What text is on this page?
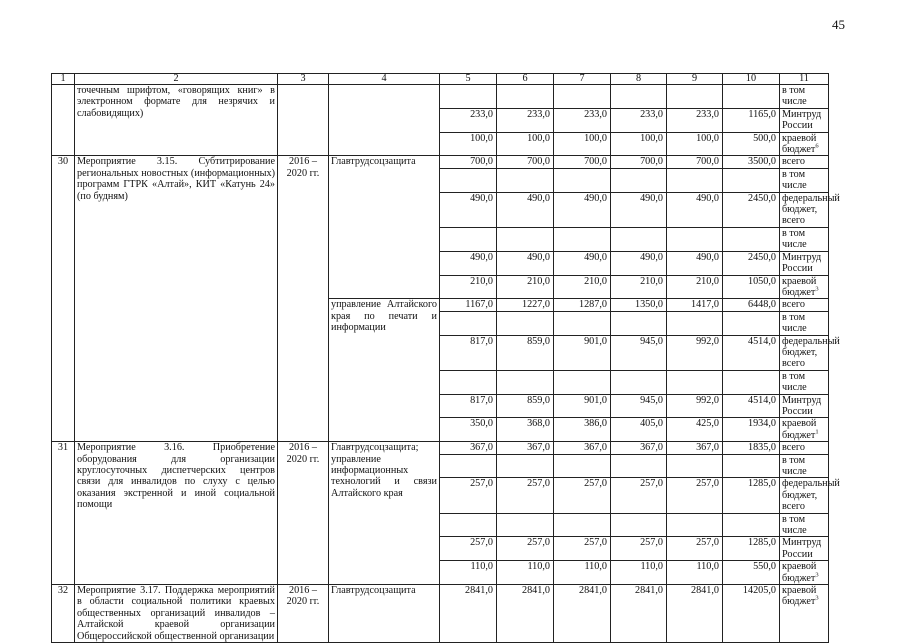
45
1	2	3	4	5	6	7	8	9	10	11
	точечным шрифтом, «говорящих книг» в электронном формате для незрячих и слабовидящих)									в том числе
				233,0	233,0	233,0	233,0	233,0	1165,0	Минтруд России
				100,0	100,0	100,0	100,0	100,0	500,0	краевой бюджет$^6$
30	Мероприятие 3.15. Субтитрирование региональных новостных (информационных) программ ГТРК «Алтай», КИТ «Катунь 24» (по будням)	2016 – 2020 гг.	Главтрудсоцзащита	700,0	700,0	700,0	700,0	700,0	3500,0	всего
										в том числе
				490,0	490,0	490,0	490,0	490,0	2450,0	федеральный бюджет, всего
										в том числе
				490,0	490,0	490,0	490,0	490,0	2450,0	Минтруд России
				210,0	210,0	210,0	210,0	210,0	1050,0	краевой бюджет$^3$
			управление Алтайского края по печати и информации	1167,0	1227,0	1287,0	1350,0	1417,0	6448,0	всего
										в том числе
				817,0	859,0	901,0	945,0	992,0	4514,0	федеральный бюджет, всего
										в том числе
				817,0	859,0	901,0	945,0	992,0	4514,0	Минтруд России
				350,0	368,0	386,0	405,0	425,0	1934,0	краевой бюджет$^1$
31	Мероприятие 3.16. Приобретение оборудования для организации круглосуточных диспетчерских центров связи для инвалидов по слуху с целью оказания экстренной и иной социальной помощи	2016 – 2020 гг.	Главтрудсоцзащита; управление информационных технологий и связи Алтайского края	367,0	367,0	367,0	367,0	367,0	1835,0	всего
										в том числе
				257,0	257,0	257,0	257,0	257,0	1285,0	федеральный бюджет, всего
										в том числе
				257,0	257,0	257,0	257,0	257,0	1285,0	Минтруд России
				110,0	110,0	110,0	110,0	110,0	550,0	краевой бюджет$^3$
32	Мероприятие 3.17. Поддержка мероприятий в области социальной политики краевых общественных организаций инвалидов – Алтайской краевой организации Общероссийской общественной организации	2016 – 2020 гг.	Главтрудсоцзащита	2841,0	2841,0	2841,0	2841,0	2841,0	14205,0	краевой бюджет$^3$
